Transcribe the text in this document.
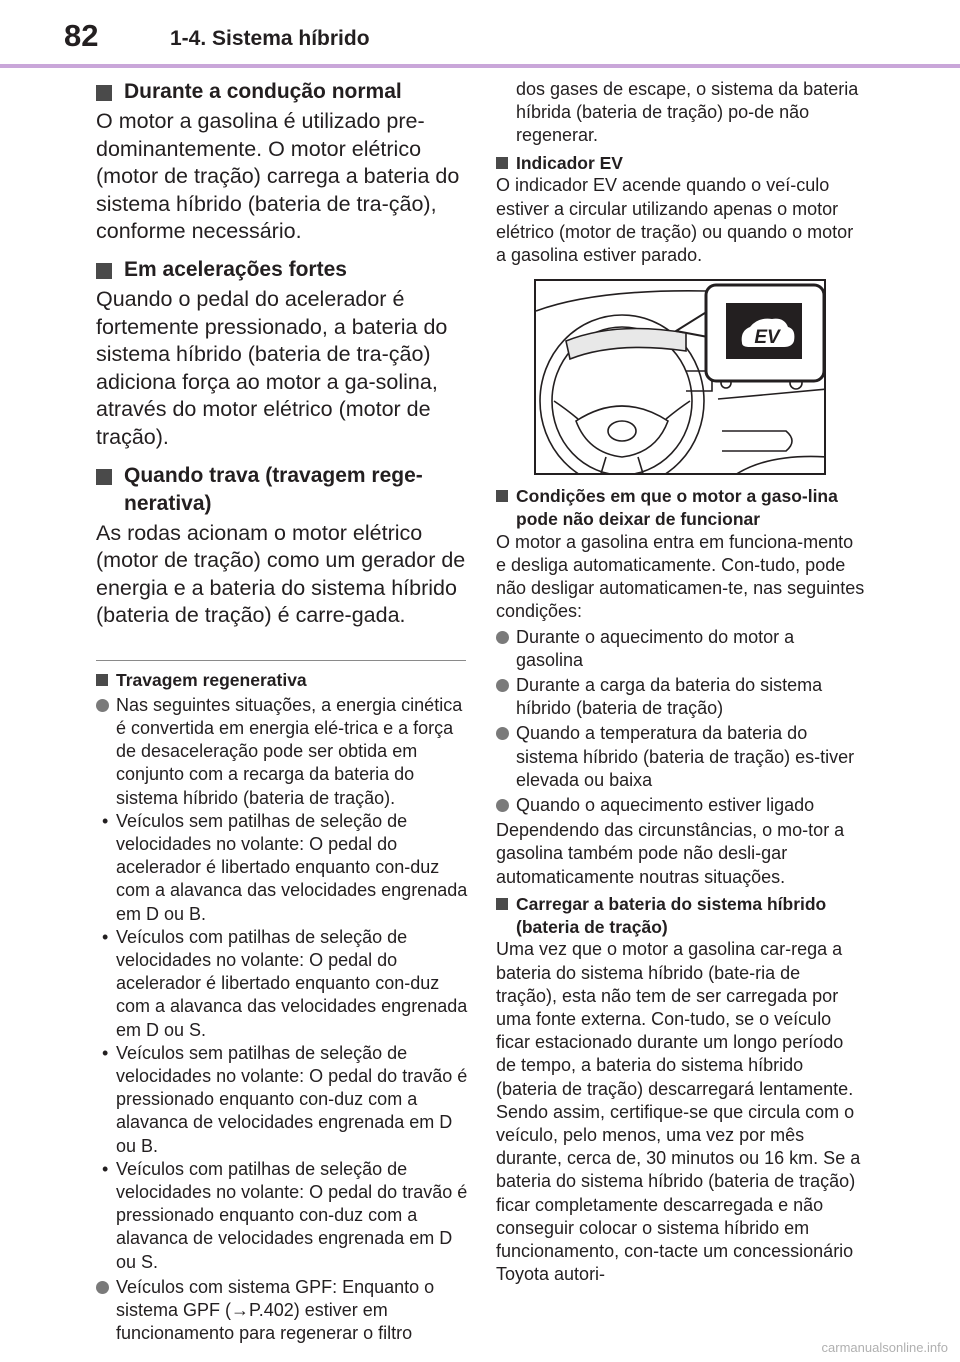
82	1-4. Sistema híbrido
Durante a condução normal
O motor a gasolina é utilizado pre-dominantemente. O motor elétrico (motor de tração) carrega a bateria do sistema híbrido (bateria de tra-ção), conforme necessário.
Em acelerações fortes
Quando o pedal do acelerador é fortemente pressionado, a bateria do sistema híbrido (bateria de tra-ção) adiciona força ao motor a ga-solina, através do motor elétrico (motor de tração).
Quando trava (travagem rege-nerativa)
As rodas acionam o motor elétrico (motor de tração) como um gerador de energia e a bateria do sistema híbrido (bateria de tração) é carre-gada.
Travagem regenerativa
Nas seguintes situações, a energia cinética é convertida em energia elé-trica e a força de desaceleração pode ser obtida em conjunto com a recarga da bateria do sistema híbrido (bateria de tração).
• Veículos sem patilhas de seleção de velocidades no volante: O pedal do acelerador é libertado enquanto con-duz com a alavanca das velocidades engrenada em D ou B.
• Veículos com patilhas de seleção de velocidades no volante: O pedal do acelerador é libertado enquanto con-duz com a alavanca das velocidades engrenada em D ou S.
• Veículos sem patilhas de seleção de velocidades no volante: O pedal do travão é pressionado enquanto con-duz com a alavanca de velocidades engrenada em D ou B.
• Veículos com patilhas de seleção de velocidades no volante: O pedal do travão é pressionado enquanto con-duz com a alavanca de velocidades engrenada em D ou S.
Veículos com sistema GPF: Enquanto o sistema GPF (→P.402) estiver em funcionamento para regenerar o filtro
dos gases de escape, o sistema da bateria híbrida (bateria de tração) po-de não regenerar.
Indicador EV
O indicador EV acende quando o veí-culo estiver a circular utilizando apenas o motor elétrico (motor de tração) ou quando o motor a gasolina estiver parado.
EV
Condições em que o motor a gaso-lina pode não deixar de funcionar
O motor a gasolina entra em funciona-mento e desliga automaticamente. Con-tudo, pode não desligar automaticamen-te, nas seguintes condições:
Durante o aquecimento do motor a gasolina
Durante a carga da bateria do sistema híbrido (bateria de tração)
Quando a temperatura da bateria do sistema híbrido (bateria de tração) es-tiver elevada ou baixa
Quando o aquecimento estiver ligado
Dependendo das circunstâncias, o mo-tor a gasolina também pode não desli-gar automaticamente noutras situações.
Carregar a bateria do sistema híbrido (bateria de tração)
Uma vez que o motor a gasolina car-rega a bateria do sistema híbrido (bate-ria de tração), esta não tem de ser carregada por uma fonte externa. Con-tudo, se o veículo ficar estacionado durante um longo período de tempo, a bateria do sistema híbrido (bateria de tração) descarregará lentamente. Sendo assim, certifique-se que circula com o veículo, pelo menos, uma vez por mês durante, cerca de, 30 minutos ou 16 km. Se a bateria do sistema híbrido (bateria de tração) ficar completamente descarregada e não conseguir colocar o sistema híbrido em funcionamento, con-tacte um concessionário Toyota autori-
carmanualsonline.info
